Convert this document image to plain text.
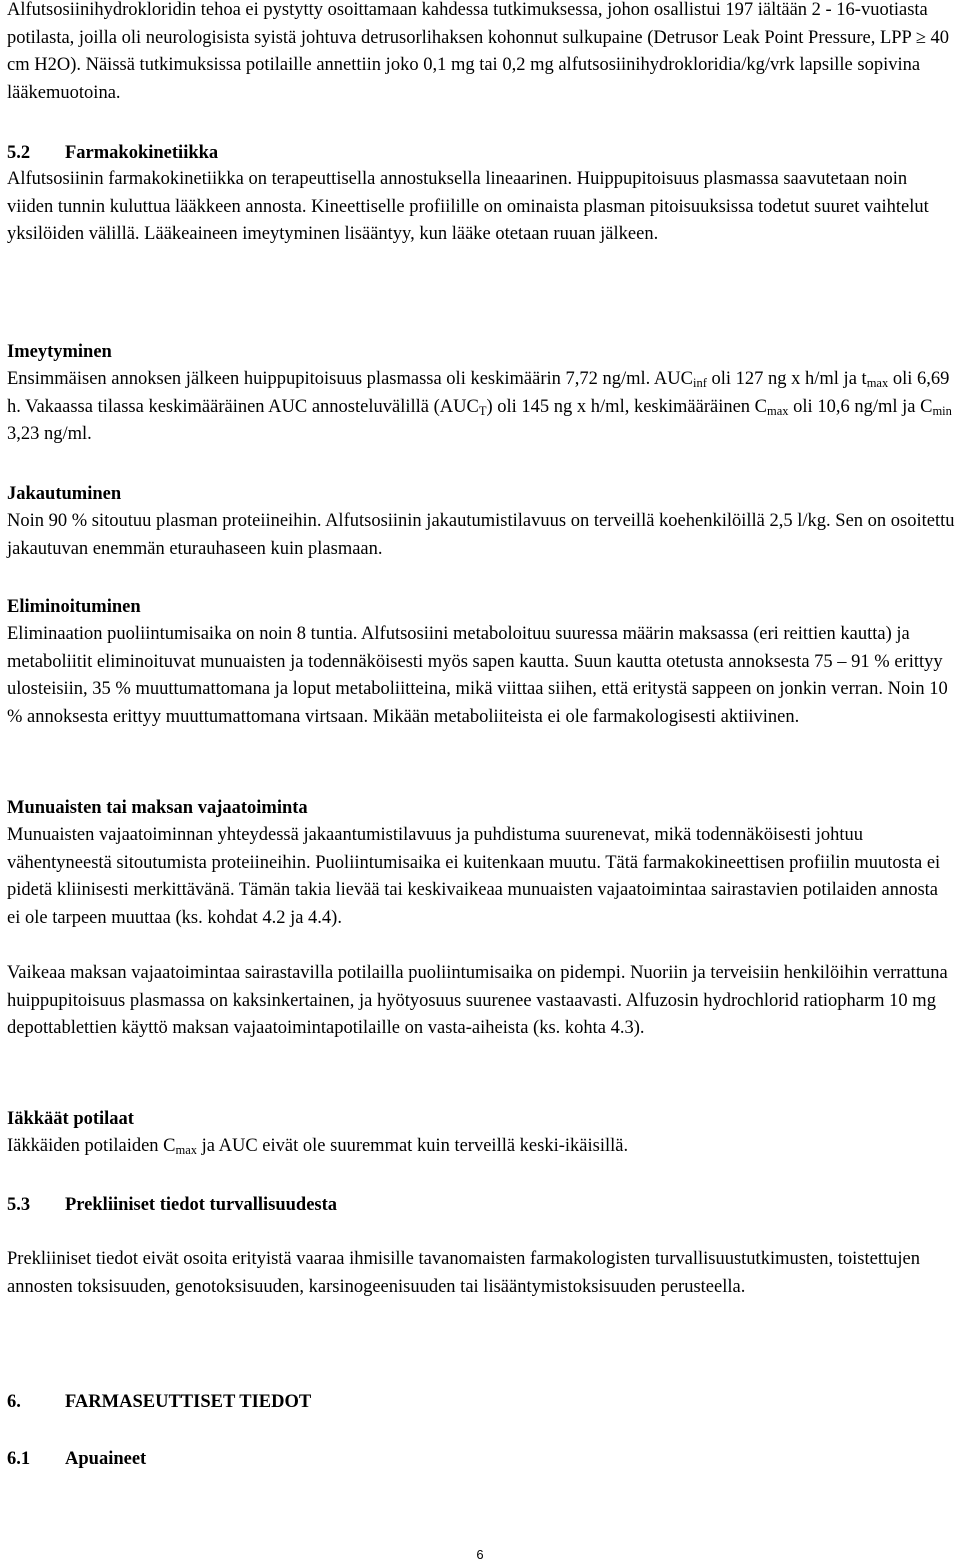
Alfutsosiinihydrokloridin tehoa ei pystytty osoittamaan kahdessa tutkimuksessa, johon osallistui 197 iältään 2 - 16-vuotiasta potilasta, joilla oli neurologisista syistä johtuva detrusorlihaksen kohonnut sulkupaine (Detrusor Leak Point Pressure, LPP ≥ 40 cm H2O). Näissä tutkimuksissa potilaille annettiin joko 0,1 mg tai 0,2 mg alfutsosiinihydrokloridia/kg/vrk lapsille sopivina lääkemuotoina.

5.2 Farmakokinetiikka

Alfutsosiinin farmakokinetiikka on terapeuttisella annostuksella lineaarinen. Huippupitoisuus plasmassa saavutetaan noin viiden tunnin kuluttua lääkkeen annosta. Kineettiselle profiilille on ominaista plasman pitoisuuksissa todetut suuret vaihtelut yksilöiden välillä. Lääkeaineen imeytyminen lisääntyy, kun lääke otetaan ruuan jälkeen.

Imeytyminen

Ensimmäisen annoksen jälkeen huippupitoisuus plasmassa oli keskimäärin 7,72 ng/ml. $AUC_{inf}$ oli 127 ng x h/ml ja $t_{max}$ oli 6,69 h. Vakaassa tilassa keskimääräinen AUC annosteluvälillä $(AUC_T)$ oli 145 ng x h/ml, keskimääräinen $C_{max}$ oli 10,6 ng/ml ja $C_{min}$ 3,23 ng/ml.

Jakautuminen

Noin 90 % sitoutuu plasman proteiineihin. Alfutsosiinin jakautumistilavuus on terveillä koehenkilöillä 2,5 l/kg. Sen on osoitettu jakautuvan enemmän eturauhaseen kuin plasmaan.

Eliminoituminen

Eliminaation puoliintumisaika on noin 8 tuntia. Alfutsosiini metaboloituu suuressa määrin maksassa (eri reittien kautta) ja metaboliitit eliminoituvat munuaisten ja todennäköisesti myös sapen kautta. Suun kautta otetusta annoksesta 75 – 91 % erittyy ulosteisiin, 35 % muuttumattomana ja loput metaboliitteina, mikä viittaa siihen, että eritystä sappeen on jonkin verran. Noin 10 % annoksesta erittyy muuttumattomana virtsaan. Mikään metaboliiteista ei ole farmakologisesti aktiivinen.

Munuaisten tai maksan vajaatoiminta

Munuaisten vajaatoiminnan yhteydessä jakaantumistilavuus ja puhdistuma suurenevat, mikä todennäköisesti johtuu vähentyneestä sitoutumista proteiineihin. Puoliintumisaika ei kuitenkaan muutu. Tätä farmakokineettisen profiilin muutosta ei pidetä kliinisesti merkittävänä. Tämän takia lievää tai keskivaikeaa munuaisten vajaatoimintaa sairastavien potilaiden annosta ei ole tarpeen muuttaa (ks. kohdat 4.2 ja 4.4).

Vaikeaa maksan vajaatoimintaa sairastavilla potilailla puoliintumisaika on pidempi. Nuoriin ja terveisiin henkilöihin verrattuna huippupitoisuus plasmassa on kaksinkertainen, ja hyötyosuus suurenee vastaavasti. Alfuzosin hydrochlorid ratiopharm 10 mg depottablettien käyttö maksan vajaatoimintapotilaille on vasta-aiheista (ks. kohta 4.3).

Iäkkäät potilaat

Iäkkäiden potilaiden $C_{max}$ ja AUC eivät ole suuremmat kuin terveillä keski-ikäisillä.

5.3 Prekliiniset tiedot turvallisuudesta

Prekliiniset tiedot eivät osoita erityistä vaaraa ihmisille tavanomaisten farmakologisten turvallisuustutkimusten, toistettujen annosten toksisuuden, genotoksisuuden, karsinogeenisuuden tai lisääntymistoksisuuden perusteella.

6. FARMASEUTTISET TIEDOT
6.1 Apuaineet
6
